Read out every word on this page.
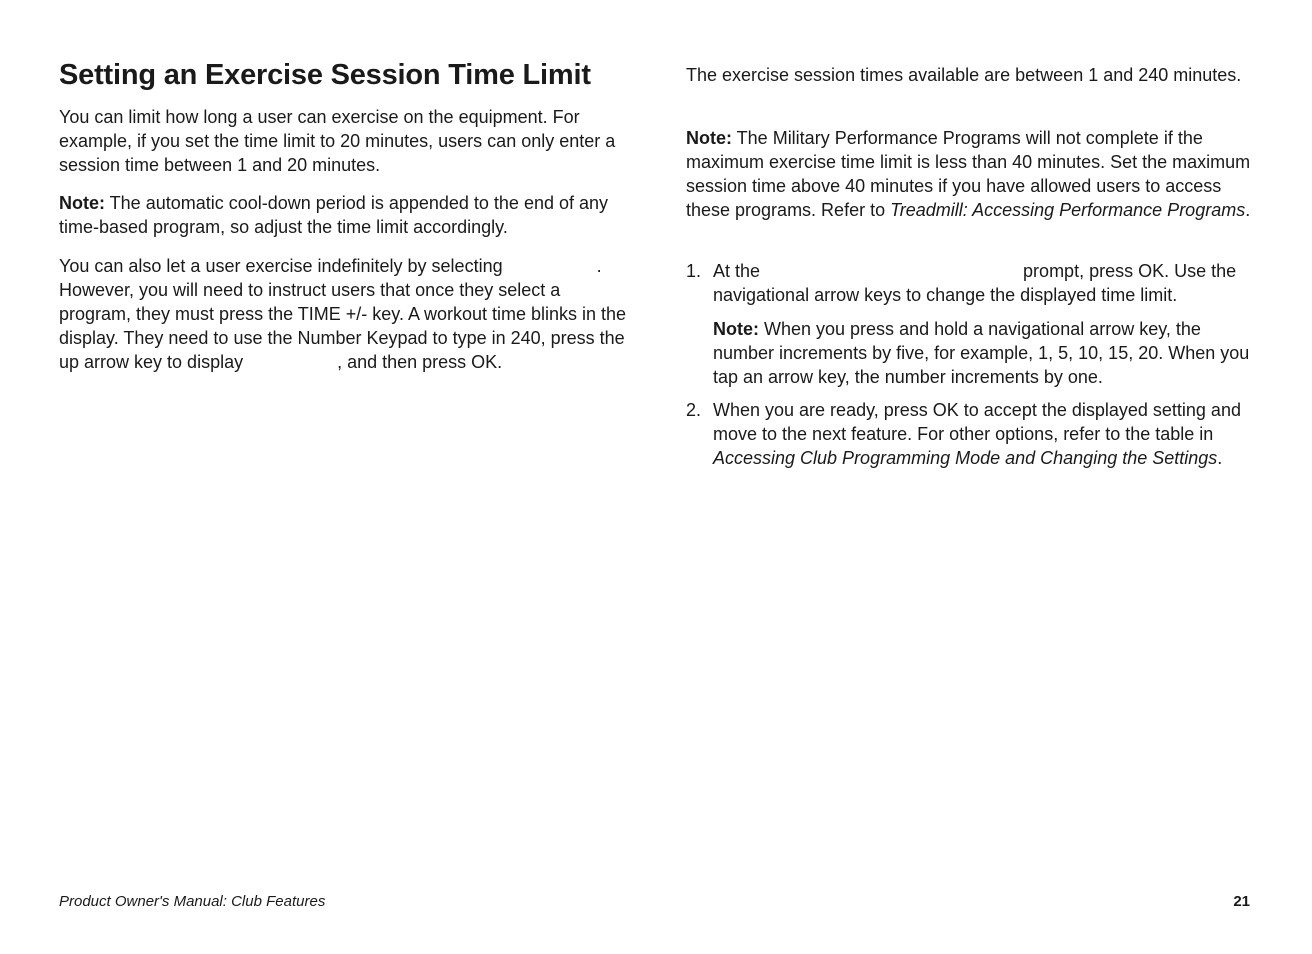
Setting an Exercise Session Time Limit

You can limit how long a user can exercise on the equipment. For example, if you set the time limit to 20 minutes, users can only enter a session time between 1 and 20 minutes.

Note: The automatic cool-down period is appended to the end of any time-based program, so adjust the time limit accordingly.

You can also let a user exercise indefinitely by selecting	. However, you will need to instruct users that once they select a program, they must press the TIME +/- key. A workout time blinks in the display. They need to use the Number Keypad to type in 240, press the up arrow key to display	, and then press OK.

The exercise session times available are between 1 and 240 minutes.

Note: The Military Performance Programs will not complete if the maximum exercise time limit is less than 40 minutes. Set the maximum session time above 40 minutes if you have allowed users to access these programs. Refer to Treadmill: Accessing Performance Programs.

1. At the	prompt, press OK. Use the navigational arrow keys to change the displayed time limit.

Note: When you press and hold a navigational arrow key, the number increments by five, for example, 1, 5, 10, 15, 20. When you tap an arrow key, the number increments by one.

2. When you are ready, press OK to accept the displayed setting and move to the next feature. For other options, refer to the table in Accessing Club Programming Mode and Changing the Settings.

Product Owner's Manual: Club Features	21
